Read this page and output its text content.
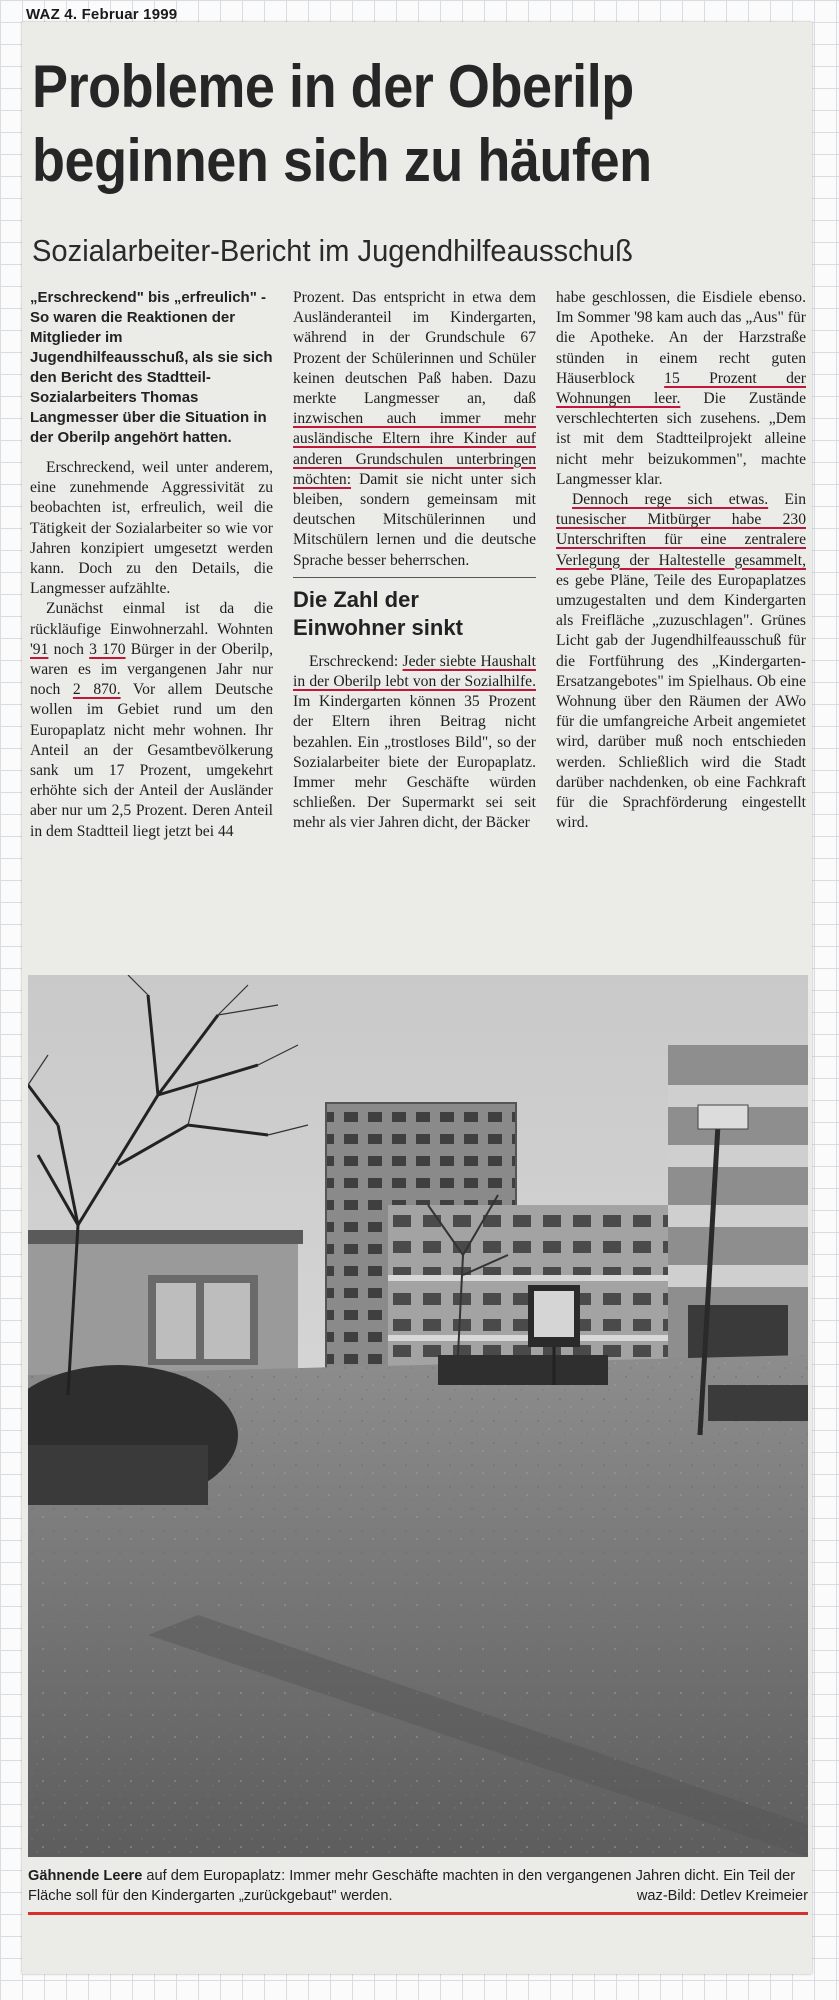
WAZ 4. Februar 1999
Probleme in der Oberilp beginnen sich zu häufen
Sozialarbeiter-Bericht im Jugendhilfeausschuß
„Erschreckend" bis „erfreulich" - So waren die Reaktionen der Mitglieder im Jugendhilfeausschuß, als sie sich den Bericht des Stadtteil-Sozialarbeiters Thomas Langmesser über die Situation in der Oberilp angehört hatten.

Erschreckend, weil unter anderem, eine zunehmende Aggressivität zu beobachten ist, erfreulich, weil die Tätigkeit der Sozialarbeiter so wie vor Jahren konzipiert umgesetzt werden kann. Doch zu den Details, die Langmesser aufzählte.

Zunächst einmal ist da die rückläufige Einwohnerzahl. Wohnten '91 noch 3 170 Bürger in der Oberilp, waren es im vergangenen Jahr nur noch 2 870. Vor allem Deutsche wollen im Gebiet rund um den Europaplatz nicht mehr wohnen. Ihr Anteil an der Gesamtbevölkerung sank um 17 Prozent, umgekehrt erhöhte sich der Anteil der Ausländer aber nur um 2,5 Prozent. Deren Anteil in dem Stadtteil liegt jetzt bei 44

Prozent. Das entspricht in etwa dem Ausländeranteil im Kindergarten, während in der Grundschule 67 Prozent der Schülerinnen und Schüler keinen deutschen Paß haben. Dazu merkte Langmesser an, daß inzwischen auch immer mehr ausländische Eltern ihre Kinder auf anderen Grundschulen unterbringen möchten: Damit sie nicht unter sich bleiben, sondern gemeinsam mit deutschen Mitschülerinnen und Mitschülern lernen und die deutsche Sprache besser beherrschen.

Die Zahl der Einwohner sinkt

Erschreckend: Jeder siebte Haushalt in der Oberilp lebt von der Sozialhilfe. Im Kindergarten können 35 Prozent der Eltern ihren Beitrag nicht bezahlen. Ein „trostloses Bild", so der Sozialarbeiter biete der Europaplatz. Immer mehr Geschäfte würden schließen. Der Supermarkt sei seit mehr als vier Jahren dicht, der Bäcker

habe geschlossen, die Eisdiele ebenso. Im Sommer '98 kam auch das „Aus" für die Apotheke. An der Harzstraße stünden in einem recht guten Häuserblock 15 Prozent der Wohnungen leer. Die Zustände verschlechterten sich zusehens. „Dem ist mit dem Stadtteilprojekt alleine nicht mehr beizukommen", machte Langmesser klar.

Dennoch rege sich etwas. Ein tunesischer Mitbürger habe 230 Unterschriften für eine zentralere Verlegung der Haltestelle gesammelt, es gebe Pläne, Teile des Europaplatzes umzugestalten und dem Kindergarten als Freifläche „zuzuschlagen". Grünes Licht gab der Jugendhilfeausschuß für die Fortführung des „Kindergarten-Ersatzangebotes" im Spielhaus. Ob eine Wohnung über den Räumen der AWo für die umfangreiche Arbeit angemietet wird, darüber muß noch entschieden werden. Schließlich wird die Stadt darüber nachdenken, ob eine Fachkraft für die Sprachförderung eingestellt wird.

Gähnende Leere auf dem Europaplatz: Immer mehr Geschäfte machten in den vergangenen Jahren dicht. Ein Teil der Fläche soll für den Kindergarten „zurückgebaut" werden.	waz-Bild: Detlev Kreimeier
